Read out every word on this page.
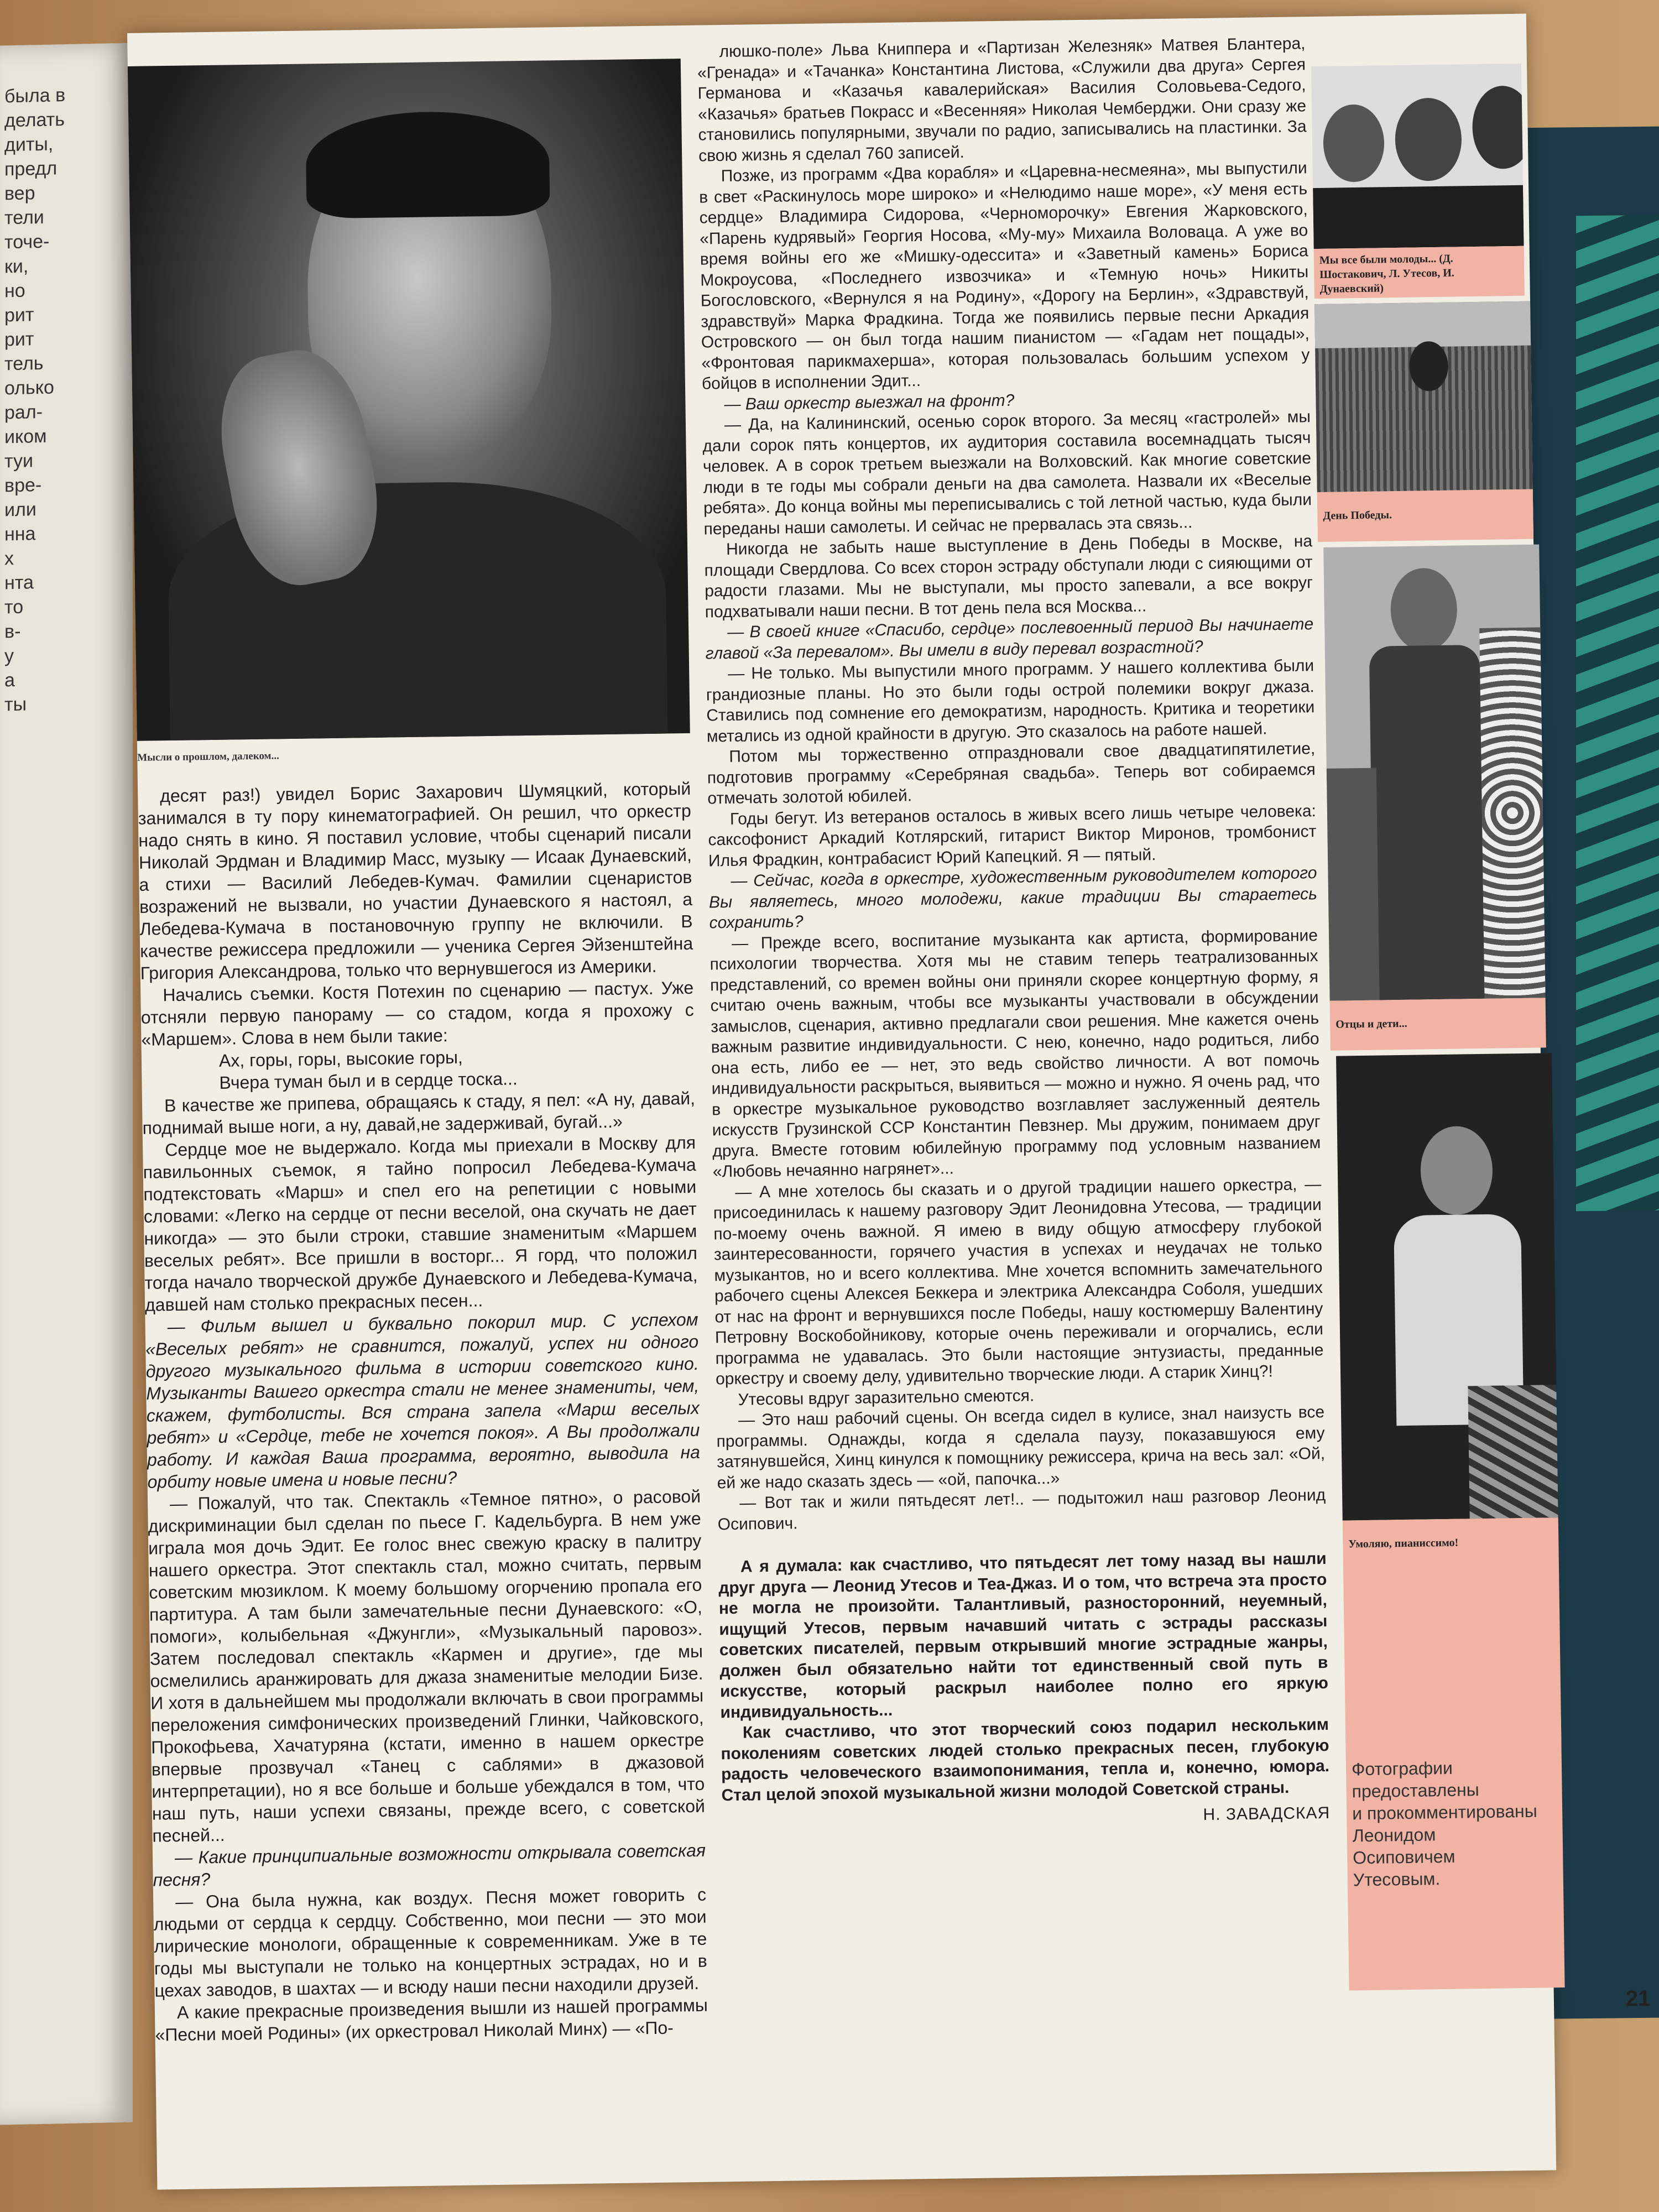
была в
делать
диты,
предл
вер
тели
точе-
ки,
но
рит
рит
тель
олько
рал-
иком
туи
вре-
или
нна
х
нта
то
в-
у
а
ты
Мысли о прошлом, далеком...

десят раз!) увидел Борис Захарович Шумяцкий, который занимался в ту пору кинематографией. Он решил, что оркестр надо снять в кино. Я поставил условие, чтобы сценарий писали Николай Эрдман и Владимир Масс, музыку — Исаак Дунаевский, а стихи — Василий Лебедев-Кумач. Фамилии сценаристов возражений не вызвали, но участии Дунаевского я настоял, а Лебедева-Кумача в постановочную группу не включили. В качестве режиссера предложили — ученика Сергея Эйзенштейна Григория Александрова, только что вернувшегося из Америки.

Начались съемки. Костя Потехин по сценарию — пастух. Уже отсняли первую панораму — со стадом, когда я прохожу с «Маршем». Слова в нем были такие:

Ах, горы, горы, высокие горы,
Вчера туман был и в сердце тоска...

В качестве же припева, обращаясь к стаду, я пел: «А ну, давай, поднимай выше ноги, а ну, давай,не задерживай, бугай...»

Сердце мое не выдержало. Когда мы приехали в Москву для павильонных съемок, я тайно попросил Лебедева-Кумача подтекстовать «Марш» и спел его на репетиции с новыми словами: «Легко на сердце от песни веселой, она скучать не дает никогда» — это были строки, ставшие знаменитым «Маршем веселых ребят». Все пришли в восторг... Я горд, что положил тогда начало творческой дружбе Дунаевского и Лебедева-Кумача, давшей нам столько прекрасных песен...

— Фильм вышел и буквально покорил мир. С успехом «Веселых ребят» не сравнится, пожалуй, успех ни одного другого музыкального фильма в истории советского кино. Музыканты Вашего оркестра стали не менее знамениты, чем, скажем, футболисты. Вся страна запела «Марш веселых ребят» и «Сердце, тебе не хочется покоя». А Вы продолжали работу. И каждая Ваша программа, вероятно, выводила на орбиту новые имена и новые песни?

— Пожалуй, что так. Спектакль «Темное пятно», о расовой дискриминации был сделан по пьесе Г. Кадельбурга. В нем уже играла моя дочь Эдит. Ее голос внес свежую краску в палитру нашего оркестра. Этот спектакль стал, можно считать, первым советским мюзиклом. К моему большому огорчению пропала его партитура. А там были замечательные песни Дунаевского: «О, помоги», колыбельная «Джунгли», «Музыкальный паровоз». Затем последовал спектакль «Кармен и другие», где мы осмелились аранжировать для джаза знаменитые мелодии Бизе. И хотя в дальнейшем мы продолжали включать в свои программы переложения симфонических произведений Глинки, Чайковского, Прокофьева, Хачатуряна (кстати, именно в нашем оркестре впервые прозвучал «Танец с саблями» в джазовой интерпретации), но я все больше и больше убеждался в том, что наш путь, наши успехи связаны, прежде всего, с советской песней...

— Какие принципиальные возможности открывала советская песня?

— Она была нужна, как воздух. Песня может говорить с людьми от сердца к сердцу. Собственно, мои песни — это мои лирические монологи, обращенные к современникам. Уже в те годы мы выступали не только на концертных эстрадах, но и в цехах заводов, в шахтах — и всюду наши песни находили друзей.

А какие прекрасные произведения вышли из нашей программы «Песни моей Родины» (их оркестровал Николай Минх) — «По-

люшко-поле» Льва Книппера и «Партизан Железняк» Матвея Блантера, «Гренада» и «Тачанка» Константина Листова, «Служили два друга» Сергея Германова и «Казачья кавалерийская» Василия Соловьева-Седого, «Казачья» братьев Покрасс и «Весенняя» Николая Чемберджи. Они сразу же становились популярными, звучали по радио, записывались на пластинки. За свою жизнь я сделал 760 записей.

Позже, из программ «Два корабля» и «Царевна-несмеяна», мы выпустили в свет «Раскинулось море широко» и «Нелюдимо наше море», «У меня есть сердце» Владимира Сидорова, «Черноморочку» Евгения Жарковского, «Парень кудрявый» Георгия Носова, «Му-му» Михаила Воловаца. А уже во время войны его же «Мишку-одессита» и «Заветный камень» Бориса Мокроусова, «Последнего извозчика» и «Темную ночь» Никиты Богословского, «Вернулся я на Родину», «Дорогу на Берлин», «Здравствуй, здравствуй» Марка Фрадкина. Тогда же появились первые песни Аркадия Островского — он был тогда нашим пианистом — «Гадам нет пощады», «Фронтовая парикмахерша», которая пользовалась большим успехом у бойцов в исполнении Эдит...

— Ваш оркестр выезжал на фронт?

— Да, на Калининский, осенью сорок второго. За месяц «гастролей» мы дали сорок пять концертов, их аудитория составила восемнадцать тысяч человек. А в сорок третьем выезжали на Волховский. Как многие советские люди в те годы мы собрали деньги на два самолета. Назвали их «Веселые ребята». До конца войны мы переписывались с той летной частью, куда были переданы наши самолеты. И сейчас не прервалась эта связь...

Никогда не забыть наше выступление в День Победы в Москве, на площади Свердлова. Со всех сторон эстраду обступали люди с сияющими от радости глазами. Мы не выступали, мы просто запевали, а все вокруг подхватывали наши песни. В тот день пела вся Москва...

— В своей книге «Спасибо, сердце» послевоенный период Вы начинаете главой «За перевалом». Вы имели в виду перевал возрастной?

— Не только. Мы выпустили много программ. У нашего коллектива были грандиозные планы. Но это были годы острой полемики вокруг джаза. Ставились под сомнение его демократизм, народность. Критика и теоретики метались из одной крайности в другую. Это сказалось на работе нашей.

Потом мы торжественно отпраздновали свое двадцатипятилетие, подготовив программу «Серебряная свадьба». Теперь вот собираемся отмечать золотой юбилей.

Годы бегут. Из ветеранов осталось в живых всего лишь четыре человека: саксофонист Аркадий Котлярский, гитарист Виктор Миронов, тромбонист Илья Фрадкин, контрабасист Юрий Капецкий. Я — пятый.

— Сейчас, когда в оркестре, художественным руководителем которого Вы являетесь, много молодежи, какие традиции Вы стараетесь сохранить?

— Прежде всего, воспитание музыканта как артиста, формирование психологии творчества. Хотя мы не ставим теперь театрализованных представлений, со времен войны они приняли скорее концертную форму, я считаю очень важным, чтобы все музыканты участвовали в обсуждении замыслов, сценария, активно предлагали свои решения. Мне кажется очень важным развитие индивидуальности. С нею, конечно, надо родиться, либо она есть, либо ее — нет, это ведь свойство личности. А вот помочь индивидуальности раскрыться, выявиться — можно и нужно. Я очень рад, что в оркестре музыкальное руководство возглавляет заслуженный деятель искусств Грузинской ССР Константин Певзнер. Мы дружим, понимаем друг друга. Вместе готовим юбилейную программу под условным названием «Любовь нечаянно нагрянет»...

— А мне хотелось бы сказать и о другой традиции нашего оркестра, — присоединилась к нашему разговору Эдит Леонидовна Утесова, — традиции по-моему очень важной. Я имею в виду общую атмосферу глубокой заинтересованности, горячего участия в успехах и неудачах не только музыкантов, но и всего коллектива. Мне хочется вспомнить замечательного рабочего сцены Алексея Беккера и электрика Александра Соболя, ушедших от нас на фронт и вернувшихся после Победы, нашу костюмершу Валентину Петровну Воскобойникову, которые очень переживали и огорчались, если программа не удавалась. Это были настоящие энтузиасты, преданные оркестру и своему делу, удивительно творческие люди. А старик Хинц?!

Утесовы вдруг заразительно смеются.

— Это наш рабочий сцены. Он всегда сидел в кулисе, знал наизусть все программы. Однажды, когда я сделала паузу, показавшуюся ему затянувшейся, Хинц кинулся к помощнику режиссера, крича на весь зал: «Ой, ей же надо сказать здесь — «ой, папочка...»

— Вот так и жили пятьдесят лет!.. — подытожил наш разговор Леонид Осипович.

А я думала: как счастливо, что пятьдесят лет тому назад вы нашли друг друга — Леонид Утесов и Теа-Джаз. И о том, что встреча эта просто не могла не произойти. Талантливый, разносторонний, неуемный, ищущий Утесов, первым начавший читать с эстрады рассказы советских писателей, первым открывший многие эстрадные жанры, должен был обязательно найти тот единственный свой путь в искусстве, который раскрыл наиболее полно его яркую индивидуальность...

Как счастливо, что этот творческий союз подарил нескольким поколениям советских людей столько прекрасных песен, глубокую радость человеческого взаимопонимания, тепла и, конечно, юмора. Стал целой эпохой музыкальной жизни молодой Советской страны.

Н. ЗАВАДСКАЯ

Мы все были молоды... (Д. Шостакович, Л. Утесов, И. Дунаевский)
День Победы.
Отцы и дети...
Умоляю, пианиссимо!
Фотографии
предоставлены
и прокомментированы
Леонидом
Осиповичем
Утесовым.
21
